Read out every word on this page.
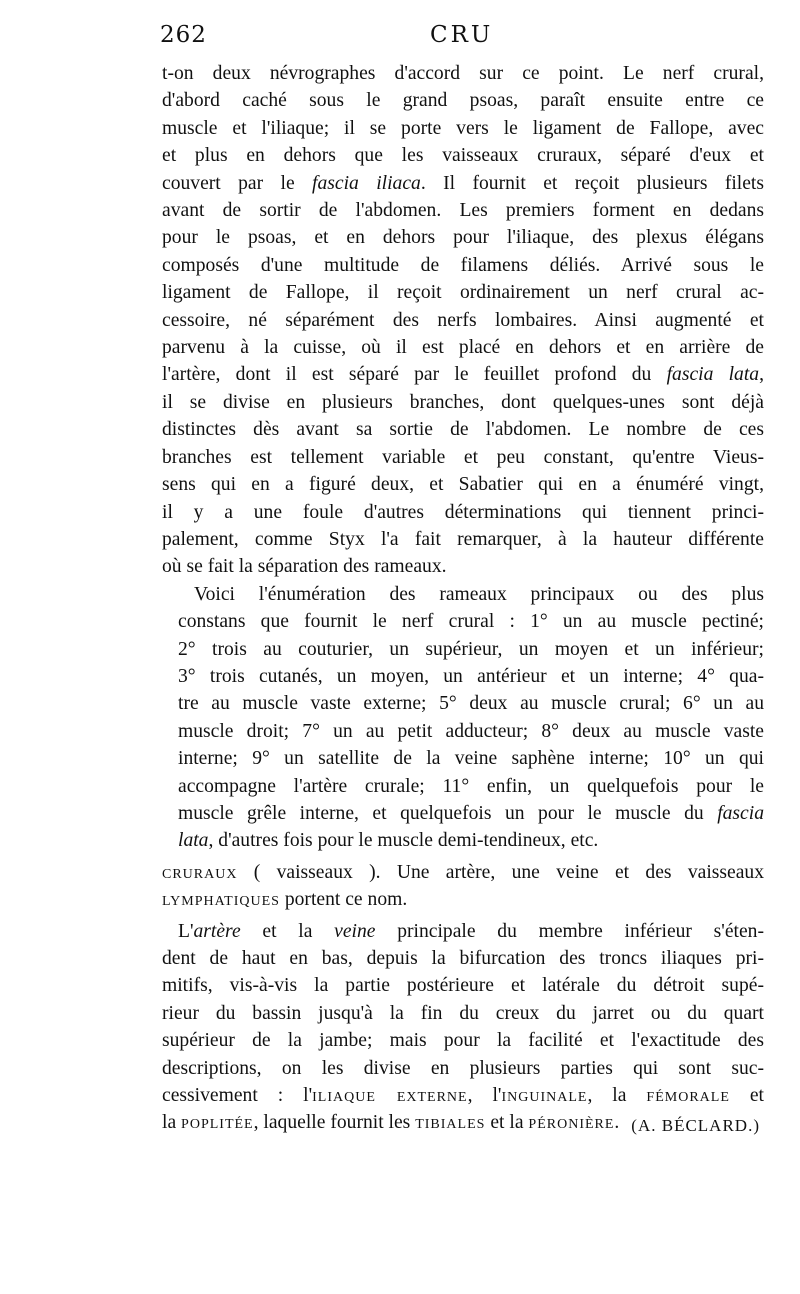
262	CRU

t-on deux névrographes d'accord sur ce point. Le nerf crural,
d'abord caché sous le grand psoas, paraît ensuite entre ce
muscle et l'iliaque; il se porte vers le ligament de Fallope, avec
et plus en dehors que les vaisseaux cruraux, séparé d'eux et
couvert par le fascia iliaca. Il fournit et reçoit plusieurs filets
avant de sortir de l'abdomen. Les premiers forment en dedans
pour le psoas, et en dehors pour l'iliaque, des plexus élégans
composés d'une multitude de filamens déliés. Arrivé sous le
ligament de Fallope, il reçoit ordinairement un nerf crural ac-
cessoire, né séparément des nerfs lombaires. Ainsi augmenté et
parvenu à la cuisse, où il est placé en dehors et en arrière de
l'artère, dont il est séparé par le feuillet profond du fascia lata,
il se divise en plusieurs branches, dont quelques-unes sont déjà
distinctes dès avant sa sortie de l'abdomen. Le nombre de ces
branches est tellement variable et peu constant, qu'entre Vieus-
sens qui en a figuré deux, et Sabatier qui en a énuméré vingt,
il y a une foule d'autres déterminations qui tiennent princi-
palement, comme Styx l'a fait remarquer, à la hauteur différente
où se fait la séparation des rameaux.

Voici l'énumération des rameaux principaux ou des plus
constans que fournit le nerf crural : 1° un au muscle pectiné;
2° trois au couturier, un supérieur, un moyen et un inférieur;
3° trois cutanés, un moyen, un antérieur et un interne; 4° qua-
tre au muscle vaste externe; 5° deux au muscle crural; 6° un au
muscle droit; 7° un au petit adducteur; 8° deux au muscle vaste
interne; 9° un satellite de la veine saphène interne; 10° un qui
accompagne l'artère crurale; 11° enfin, un quelquefois pour le
muscle grêle interne, et quelquefois un pour le muscle du fascia
lata, d'autres fois pour le muscle demi-tendineux, etc.

cruraux ( vaisseaux ). Une artère, une veine et des vaisseaux
lymphatiques portent ce nom.

L'artère et la veine principale du membre inférieur s'éten-
dent de haut en bas, depuis la bifurcation des troncs iliaques pri-
mitifs, vis-à-vis la partie postérieure et latérale du détroit supé-
rieur du bassin jusqu'à la fin du creux du jarret ou du quart
supérieur de la jambe; mais pour la facilité et l'exactitude des
descriptions, on les divise en plusieurs parties qui sont suc-
cessivement : l'iliaque externe, l'inguinale, la fémorale et
la poplitée, laquelle fournit les tibiales et la péronière. (A. BÉCLARD.)
